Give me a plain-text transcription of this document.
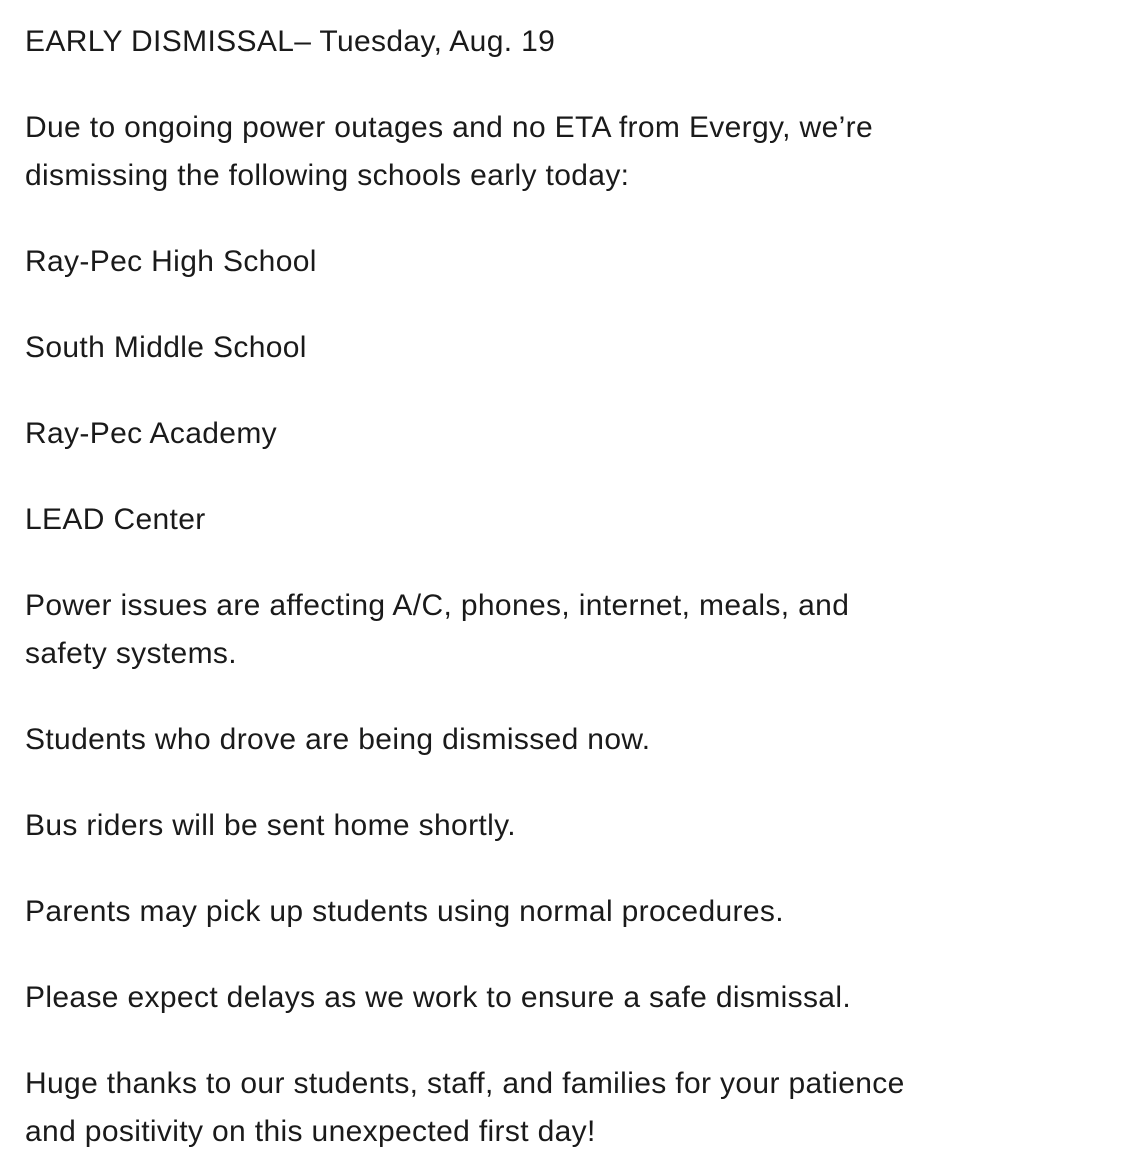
EARLY DISMISSAL– Tuesday, Aug. 19

Due to ongoing power outages and no ETA from Evergy, we’re
dismissing the following schools early today:

Ray-Pec High School

South Middle School

Ray-Pec Academy

LEAD Center

Power issues are affecting A/C, phones, internet, meals, and
safety systems.

Students who drove are being dismissed now.

Bus riders will be sent home shortly.

Parents may pick up students using normal procedures.

Please expect delays as we work to ensure a safe dismissal.

Huge thanks to our students, staff, and families for your patience
and positivity on this unexpected first day!
